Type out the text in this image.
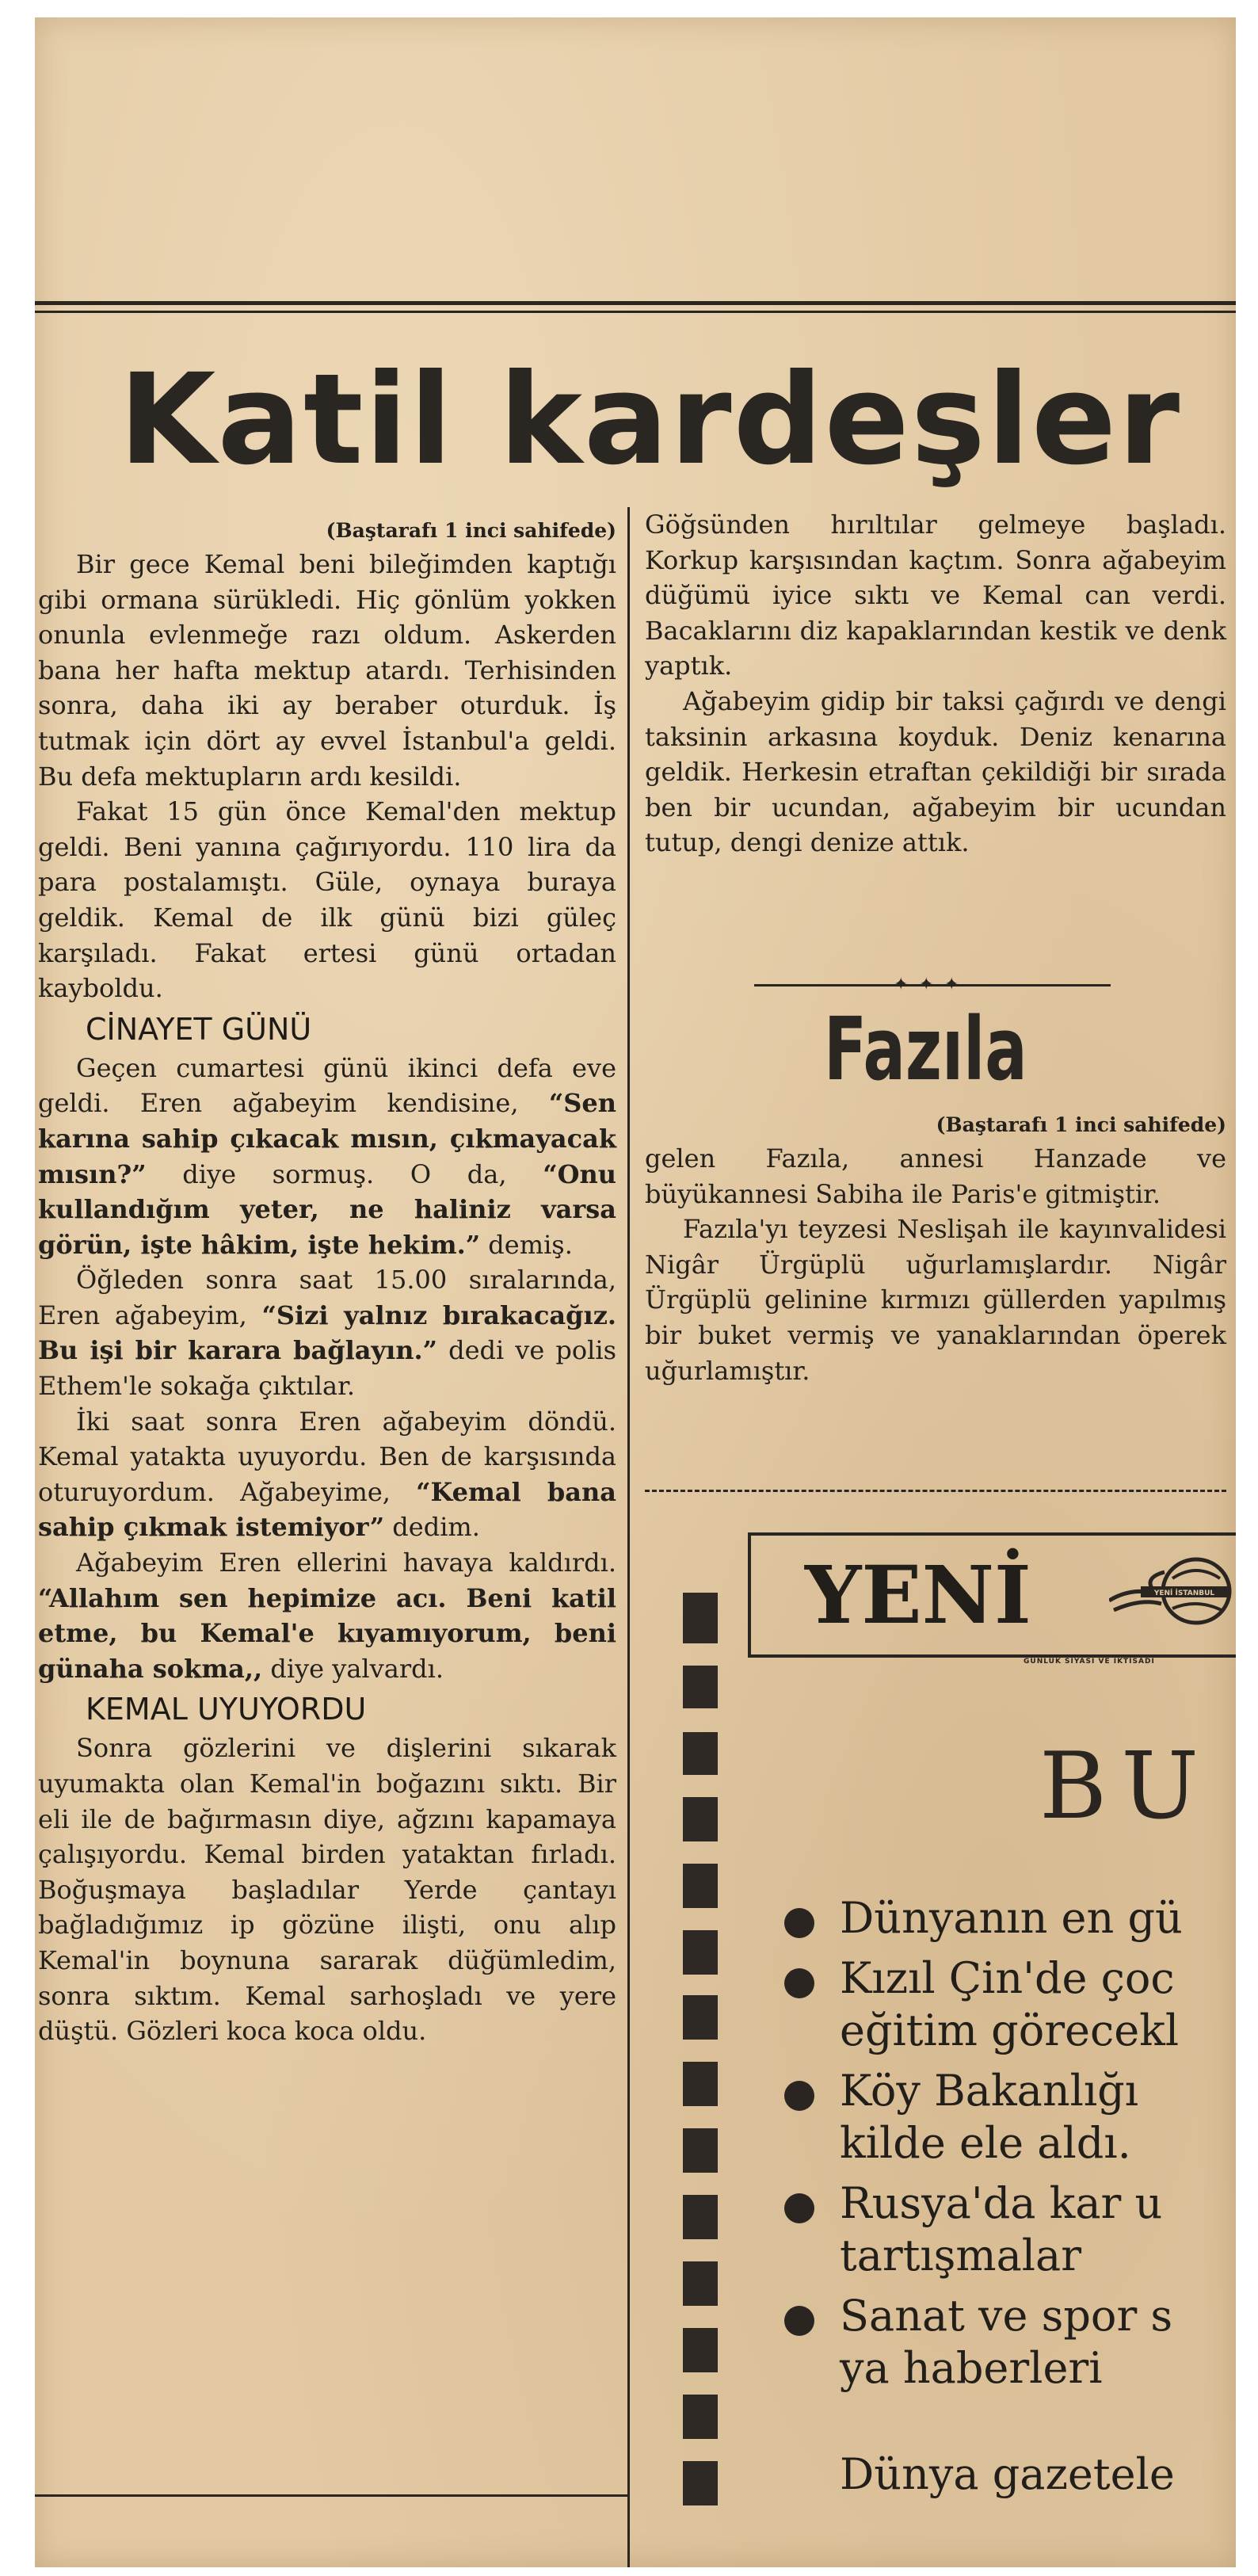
Katil kardeşler

(Baştarafı 1 inci sahifede)

Bir gece Kemal beni bileğimden kaptığı gibi ormana sürükledi. Hiç gönlüm yokken onunla evlenmeğe razı oldum. Askerden bana her hafta mektup atardı. Terhisinden sonra, daha iki ay beraber oturduk. İş tutmak için dört ay evvel İstanbul'a geldi. Bu defa mektupların ardı kesildi.

Fakat 15 gün önce Kemal'den mektup geldi. Beni yanına çağırıyordu. 110 lira da para postalamıştı. Güle, oynaya buraya geldik. Kemal de ilk günü bizi güleç karşıladı. Fakat ertesi günü ortadan kayboldu.

CİNAYET GÜNÜ

Geçen cumartesi günü ikinci defa eve geldi. Eren ağabeyim kendisine, “Sen karına sahip çıkacak mısın, çıkmayacak mısın?” diye sormuş. O da, “Onu kullandığım yeter, ne haliniz varsa görün, işte hâkim, işte hekim.” demiş.

Öğleden sonra saat 15.00 sıralarında, Eren ağabeyim, “Sizi yalnız bırakacağız. Bu işi bir karara bağlayın.” dedi ve polis Ethem'le sokağa çıktılar.

İki saat sonra Eren ağabeyim döndü. Kemal yatakta uyuyordu. Ben de karşısında oturuyordum. Ağabeyime, “Kemal bana sahip çıkmak istemiyor” dedim.

Ağabeyim Eren ellerini havaya kaldırdı. “Allahım sen hepimize acı. Beni katil etme, bu Kemal'e kıyamıyorum, beni günaha sokma,, diye yalvardı.

KEMAL UYUYORDU

Sonra gözlerini ve dişlerini sıkarak uyumakta olan Kemal'in boğazını sıktı. Bir eli ile de bağırmasın diye, ağzını kapamaya çalışıyordu. Kemal birden yataktan fırladı. Boğuşmaya başladılar Yerde çantayı bağladığımız ip gözüne ilişti, onu alıp Kemal'in boynuna sararak düğümledim, sonra sıktım. Kemal sarhoşladı ve yere düştü. Gözleri koca koca oldu.

Göğsünden hırıltılar gelmeye başladı. Korkup karşısından kaçtım. Sonra ağabeyim düğümü iyice sıktı ve Kemal can verdi. Bacaklarını diz kapaklarından kestik ve denk yaptık.

Ağabeyim gidip bir taksi çağırdı ve dengi taksinin arkasına koyduk. Deniz kenarına geldik. Herkesin etraftan çekildiği bir sırada ben bir ucundan, ağabeyim bir ucundan tutup, dengi denize attık.

✦ ✦ ✦
Fazıla

(Baştarafı 1 inci sahifede)

gelen Fazıla, annesi Hanzade ve büyükannesi Sabiha ile Paris'e gitmiştir.

Fazıla'yı teyzesi Neslişah ile kayınvalidesi Nigâr Ürgüplü uğurlamışlardır. Nigâr Ürgüplü gelinine kırmızı güllerden yapılmış bir buket vermiş ve yanaklarından öperek uğurlamıştır.

YENİ	YENİ İSTANBUL
GÜNLÜK SİYASİ VE İKTİSADİ
BU
Dünyanın en gü
Kızıl Çin'de çoc
eğitim görecekl
Köy Bakanlığı
kilde ele aldı.
Rusya'da kar u
tartışmalar
Sanat ve spor s
ya haberleri
Dünya gazetele
